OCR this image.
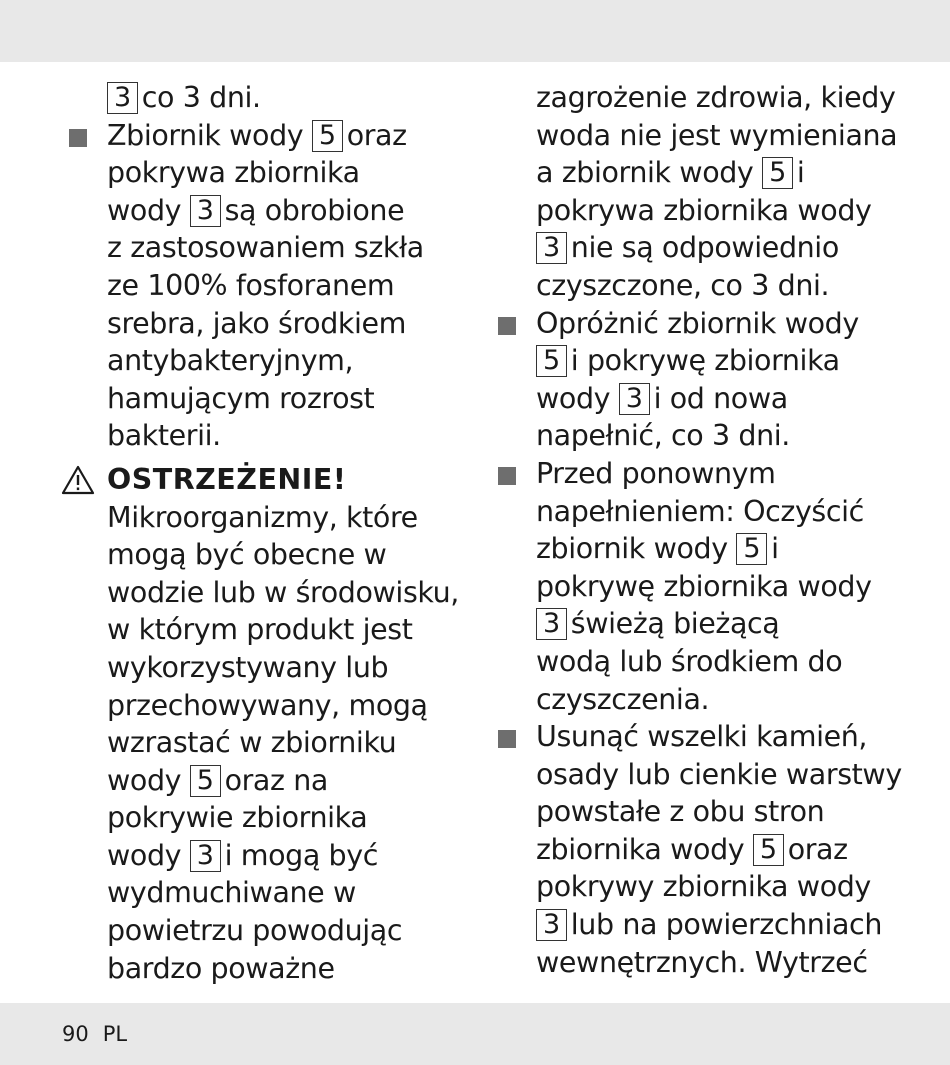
3 co 3 dni.
Zbiornik wody 5 oraz
pokrywa zbiornika
wody 3 są obrobione
z zastosowaniem szkła
ze 100% fosforanem
srebra, jako środkiem
antybakteryjnym,
hamującym rozrost
bakterii.
OSTRZEŻENIE!
Mikroorganizmy, które
mogą być obecne w
wodzie lub w środowisku,
w którym produkt jest
wykorzystywany lub
przechowywany, mogą
wzrastać w zbiorniku
wody 5 oraz na
pokrywie zbiornika
wody 3 i mogą być
wydmuchiwane w
powietrzu powodując
bardzo poważne
zagrożenie zdrowia, kiedy
woda nie jest wymieniana
a zbiornik wody 5 i
pokrywa zbiornika wody
3 nie są odpowiednio
czyszczone, co 3 dni.
Opróżnić zbiornik wody
5 i pokrywę zbiornika
wody 3 i od nowa
napełnić, co 3 dni.
Przed ponownym
napełnieniem: Oczyścić
zbiornik wody 5 i
pokrywę zbiornika wody
3 świeżą bieżącą
wodą lub środkiem do
czyszczenia.
Usunąć wszelki kamień,
osady lub cienkie warstwy
powstałe z obu stron
zbiornika wody 5 oraz
pokrywy zbiornika wody
3 lub na powierzchniach
wewnętrznych. Wytrzeć
90 PL
